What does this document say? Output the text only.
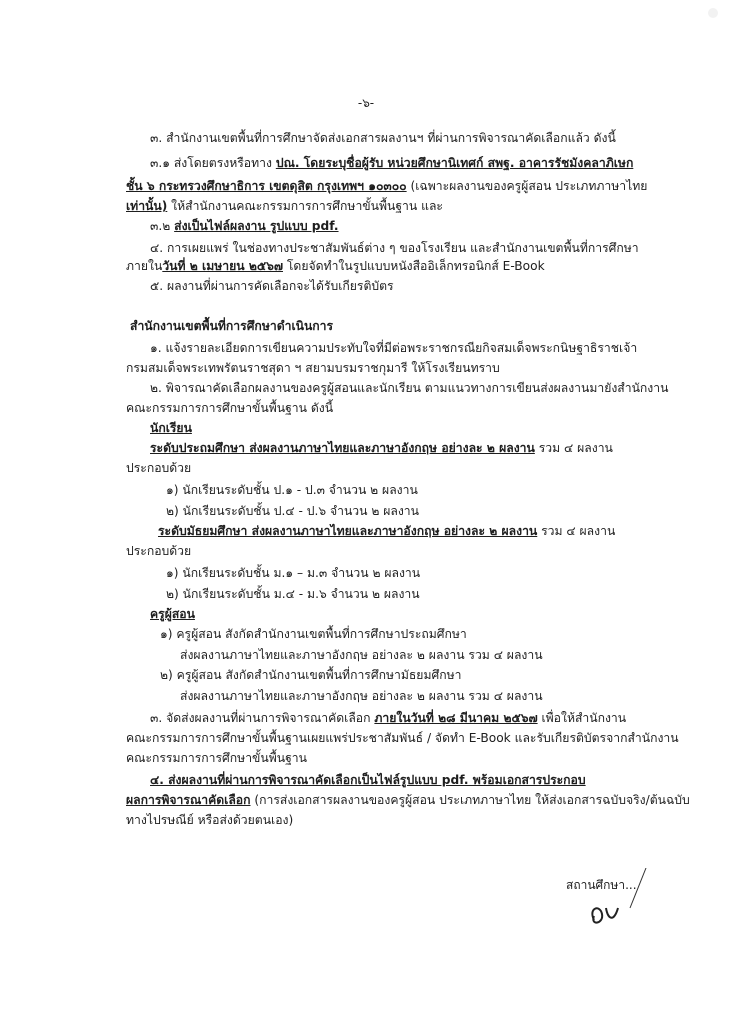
-๖-
๓. สำนักงานเขตพื้นที่การศึกษาจัดส่งเอกสารผลงานฯ ที่ผ่านการพิจารณาคัดเลือกแล้ว ดังนี้
๓.๑ ส่งโดยตรงหรือทาง ปณ. โดยระบุชื่อผู้รับ หน่วยศึกษานิเทศก์ สพฐ. อาคารรัชมังคลาภิเษก
ชั้น ๖ กระทรวงศึกษาธิการ เขตดุสิต กรุงเทพฯ ๑๐๓๐๐ (เฉพาะผลงานของครูผู้สอน ประเภทภาษาไทย
เท่านั้น) ให้สำนักงานคณะกรรมการการศึกษาขั้นพื้นฐาน และ
๓.๒ ส่งเป็นไฟล์ผลงาน รูปแบบ pdf.
๔. การเผยแพร่ ในช่องทางประชาสัมพันธ์ต่าง ๆ ของโรงเรียน และสำนักงานเขตพื้นที่การศึกษา
ภายในวันที่ ๒ เมษายน ๒๕๖๗ โดยจัดทำในรูปแบบหนังสืออิเล็กทรอนิกส์ E-Book
๕. ผลงานที่ผ่านการคัดเลือกจะได้รับเกียรติบัตร
สำนักงานเขตพื้นที่การศึกษาดำเนินการ
๑. แจ้งรายละเอียดการเขียนความประทับใจที่มีต่อพระราชกรณียกิจสมเด็จพระกนิษฐาธิราชเจ้า
กรมสมเด็จพระเทพรัตนราชสุดา ฯ สยามบรมราชกุมารี ให้โรงเรียนทราบ
๒. พิจารณาคัดเลือกผลงานของครูผู้สอนและนักเรียน ตามแนวทางการเขียนส่งผลงานมายังสำนักงาน
คณะกรรมการการศึกษาขั้นพื้นฐาน ดังนี้
นักเรียน
ระดับประถมศึกษา ส่งผลงานภาษาไทยและภาษาอังกฤษ อย่างละ ๒ ผลงาน รวม ๔ ผลงาน
ประกอบด้วย
๑) นักเรียนระดับชั้น ป.๑ - ป.๓ จำนวน ๒ ผลงาน
๒) นักเรียนระดับชั้น ป.๔ - ป.๖ จำนวน ๒ ผลงาน
ระดับมัธยมศึกษา ส่งผลงานภาษาไทยและภาษาอังกฤษ อย่างละ ๒ ผลงาน รวม ๔ ผลงาน
ประกอบด้วย
๑) นักเรียนระดับชั้น ม.๑ – ม.๓ จำนวน ๒ ผลงาน
๒) นักเรียนระดับชั้น ม.๔ - ม.๖ จำนวน ๒ ผลงาน
ครูผู้สอน
๑) ครูผู้สอน สังกัดสำนักงานเขตพื้นที่การศึกษาประถมศึกษา
ส่งผลงานภาษาไทยและภาษาอังกฤษ อย่างละ ๒ ผลงาน รวม ๔ ผลงาน
๒) ครูผู้สอน สังกัดสำนักงานเขตพื้นที่การศึกษามัธยมศึกษา
ส่งผลงานภาษาไทยและภาษาอังกฤษ อย่างละ ๒ ผลงาน รวม ๔ ผลงาน
๓. จัดส่งผลงานที่ผ่านการพิจารณาคัดเลือก ภายในวันที่ ๒๘ มีนาคม ๒๕๖๗ เพื่อให้สำนักงาน
คณะกรรมการการศึกษาขั้นพื้นฐานเผยแพร่ประชาสัมพันธ์ / จัดทำ E-Book และรับเกียรติบัตรจากสำนักงาน
คณะกรรมการการศึกษาขั้นพื้นฐาน
๔. ส่งผลงานที่ผ่านการพิจารณาคัดเลือกเป็นไฟล์รูปแบบ pdf. พร้อมเอกสารประกอบ
ผลการพิจารณาคัดเลือก (การส่งเอกสารผลงานของครูผู้สอน ประเภทภาษาไทย ให้ส่งเอกสารฉบับจริง/ต้นฉบับ
ทางไปรษณีย์ หรือส่งด้วยตนเอง)
สถานศึกษา...
